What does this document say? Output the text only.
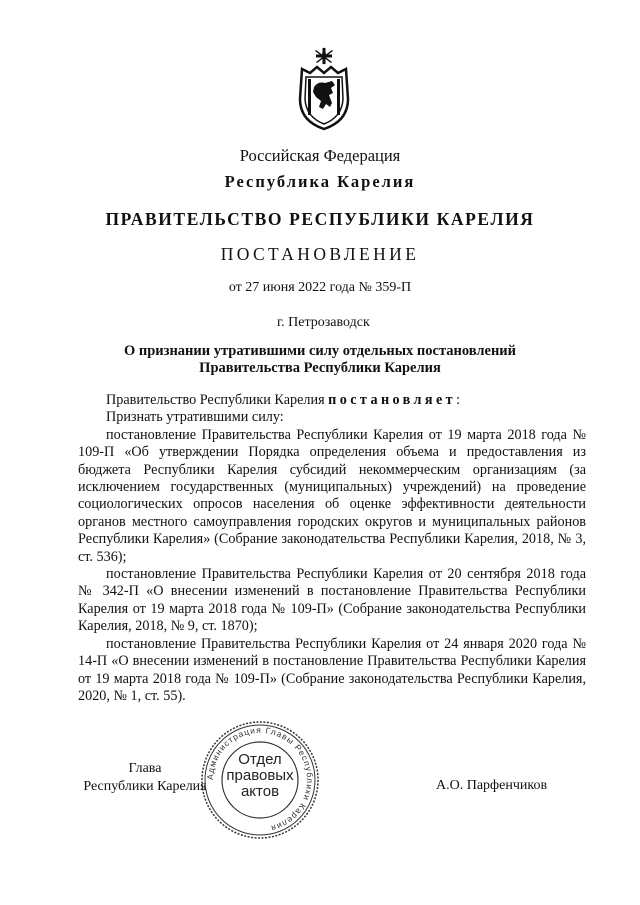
Российская Федерация
Республика Карелия
ПРАВИТЕЛЬСТВО РЕСПУБЛИКИ КАРЕЛИЯ
ПОСТАНОВЛЕНИЕ
от 27 июня 2022 года № 359-П
г. Петрозаводск
О признании утратившими силу отдельных постановлений
Правительства Республики Карелия

Правительство Республики Карелия постановляет:

Признать утратившими силу:

постановление Правительства Республики Карелия от 19 марта 2018 года № 109-П «Об утверждении Порядка определения объема и предоставления из бюджета Республики Карелия субсидий некоммерческим организациям (за исключением государственных (муниципальных) учреждений) на проведение социологических опросов населения об оценке эффективности деятельности органов местного самоуправления городских округов и муниципальных районов Республики Карелия» (Собрание законодательства Республики Карелия, 2018, № 3, ст. 536);

постановление Правительства Республики Карелия от 20 сентября 2018 года № 342-П «О внесении изменений в постановление Правительства Республики Карелия от 19 марта 2018 года № 109-П» (Собрание законодательства Республики Карелия, 2018, № 9, ст. 1870);

постановление Правительства Республики Карелия от 24 января 2020 года № 14-П «О внесении изменений в постановление Правительства Республики Карелия от 19 марта 2018 года № 109-П» (Собрание законодательства Республики Карелия, 2020, № 1, ст. 55).

Глава
Республики Карелия
Администрация Главы Республики Карелия
Отдел
правовых
актов	А.О. Парфенчиков
